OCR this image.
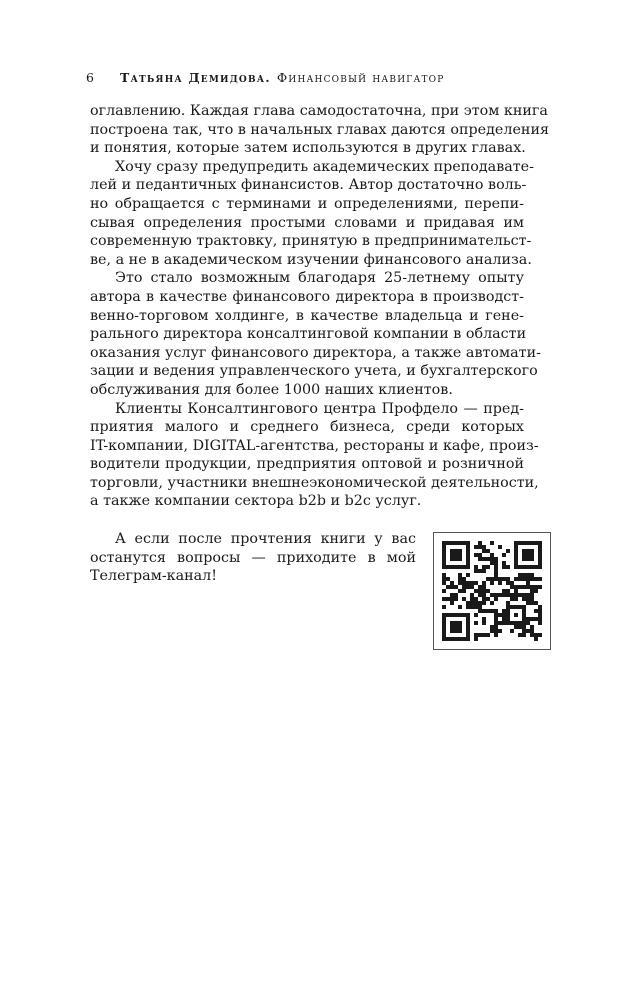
6 Татьяна Демидова. Финансовый навигатор
оглавлению. Каждая глава самодостаточна, при этом книга
построена так, что в начальных главах даются определения
и понятия, которые затем используются в других главах.
Хочу сразу предупредить академических преподавате-
лей и педантичных финансистов. Автор достаточно воль-
но обращается с терминами и определениями, перепи-
сывая определения простыми словами и придавая им
современную трактовку, принятую в предпринимательст-
ве, а не в академическом изучении финансового анализа.
Это стало возможным благодаря 25-летнему опыту
автора в качестве финансового директора в производст-
венно-торговом холдинге, в качестве владельца и гене-
рального директора консалтинговой компании в области
оказания услуг финансового директора, а также автомати-
зации и ведения управленческого учета, и бухгалтерского
обслуживания для более 1000 наших клиентов.
Клиенты Консалтингового центра Профделo — пред-
приятия малого и среднего бизнеса, среди которых
IT-компании, DIGITAL-агентства, рестораны и кафе, произ-
водители продукции, предприятия оптовой и розничной
торговли, участники внешнеэкономической деятельности,
а также компании сектора b2b и b2c услуг.
А если после прочтения книги у вас
останутся вопросы — приходите в мой
Телеграм-канал!
